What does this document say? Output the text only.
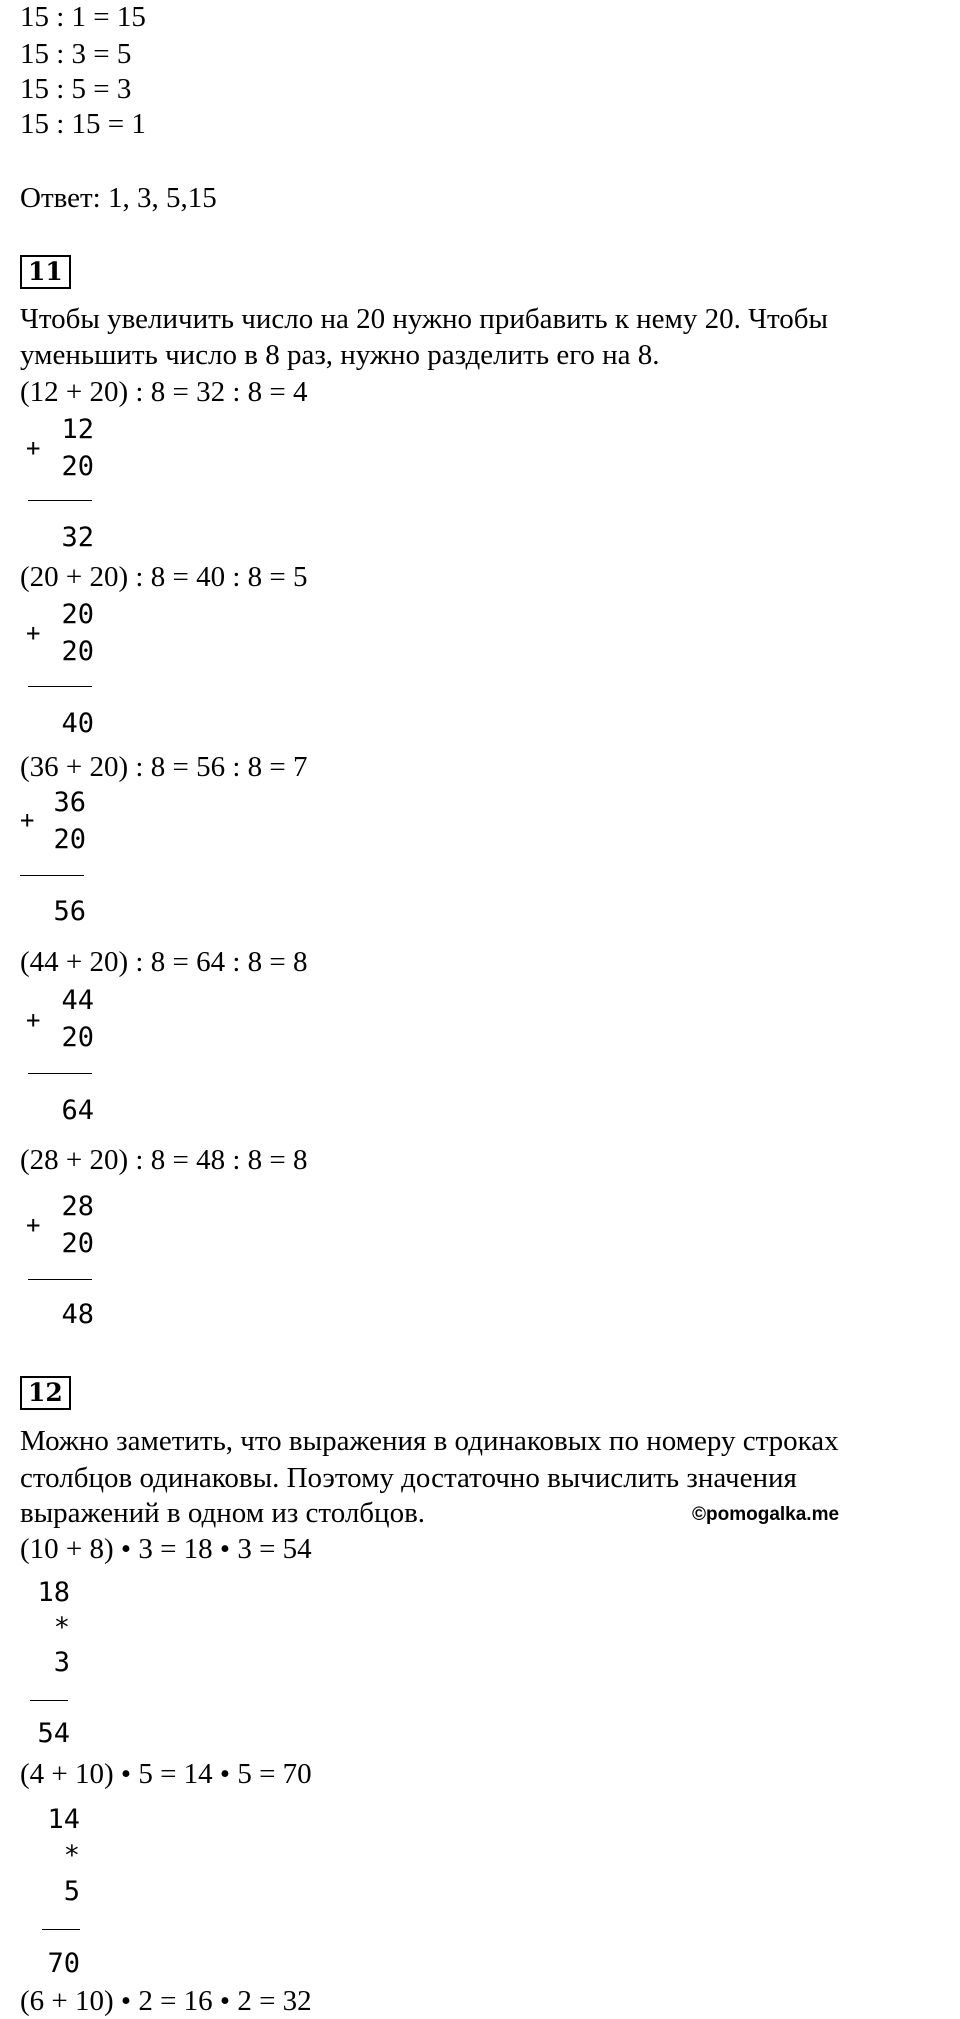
15 : 1 = 15

15 : 3 = 5

15 : 5 = 3

15 : 15 = 1

Ответ: 1, 3, 5,15

11

Чтобы увеличить число на 20 нужно прибавить к нему 20. Чтобы

уменьшить число в 8 раз, нужно разделить его на 8.

(12 + 20) : 8 = 32 : 8 = 4

+
12
20
32

(20 + 20) : 8 = 40 : 8 = 5

+
20
20
40

(36 + 20) : 8 = 56 : 8 = 7

+
36
20
56

(44 + 20) : 8 = 64 : 8 = 8

+
44
20
64

(28 + 20) : 8 = 48 : 8 = 8

+
28
20
48
12

Можно заметить, что выражения в одинаковых по номеру строках

столбцов одинаковы. Поэтому достаточно вычислить значения

выражений в одном из столбцов.	©pomogalka.me

(10 + 8) • 3 = 18 • 3 = 54

18
*
3
54

(4 + 10) • 5 = 14 • 5 = 70

14
*
5
70

(6 + 10) • 2 = 16 • 2 = 32
